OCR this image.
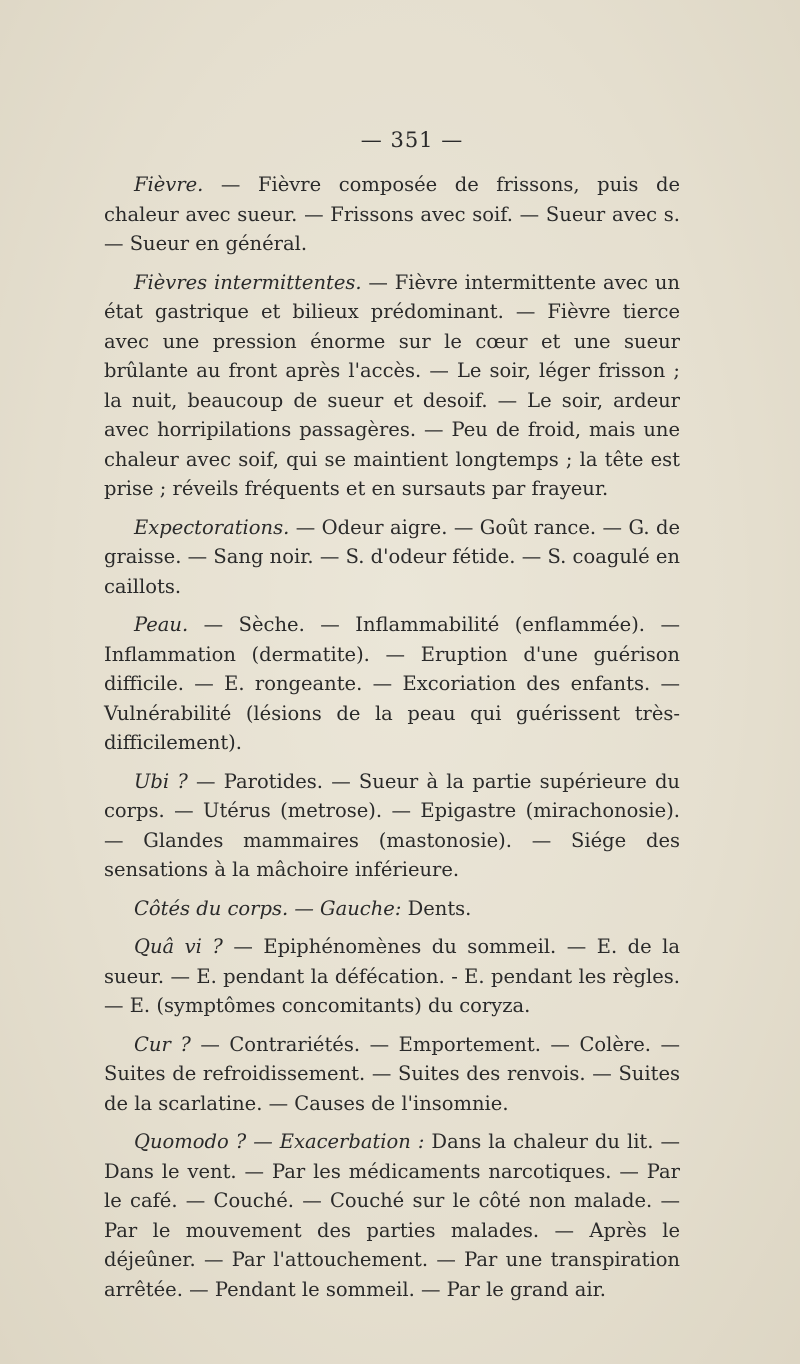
— 351 —

Fièvre. — Fièvre composée de frissons, puis de chaleur avec sueur. — Frissons avec soif. — Sueur avec s. — Sueur en général.

Fièvres intermittentes. — Fièvre intermittente avec un état gastrique et bilieux prédominant. — Fièvre tierce avec une pression énorme sur le cœur et une sueur brûlante au front après l'accès. — Le soir, léger frisson ; la nuit, beaucoup de sueur et desoif. — Le soir, ardeur avec horripilations passagères. — Peu de froid, mais une chaleur avec soif, qui se maintient longtemps ; la tête est prise ; réveils fréquents et en sursauts par frayeur.

Expectorations. — Odeur aigre. — Goût rance. — G. de graisse. — Sang noir. — S. d'odeur fétide. — S. coagulé en caillots.

Peau. — Sèche. — Inflammabilité (enflammée). — Inflammation (dermatite). — Eruption d'une guérison difficile. — E. rongeante. — Excoriation des enfants. — Vulnérabilité (lésions de la peau qui guérissent très-difficilement).

Ubi ? — Parotides. — Sueur à la partie supérieure du corps. — Utérus (metrose). — Epigastre (mirachonosie). — Glandes mammaires (mastonosie). — Siége des sensations à la mâchoire inférieure.

Côtés du corps. — Gauche: Dents.

Quâ vi ? — Epiphénomènes du sommeil. — E. de la sueur. — E. pendant la défécation. - E. pendant les règles. — E. (symptômes concomitants) du coryza.

Cur ? — Contrariétés. — Emportement. — Colère. — Suites de refroidissement. — Suites des renvois. — Suites de la scarlatine. — Causes de l'insomnie.

Quomodo ? — Exacerbation : Dans la chaleur du lit. — Dans le vent. — Par les médicaments narcotiques. — Par le café. — Couché. — Couché sur le côté non malade. — Par le mouvement des parties malades. — Après le déjeûner. — Par l'attouchement. — Par une transpiration arrêtée. — Pendant le sommeil. — Par le grand air.
